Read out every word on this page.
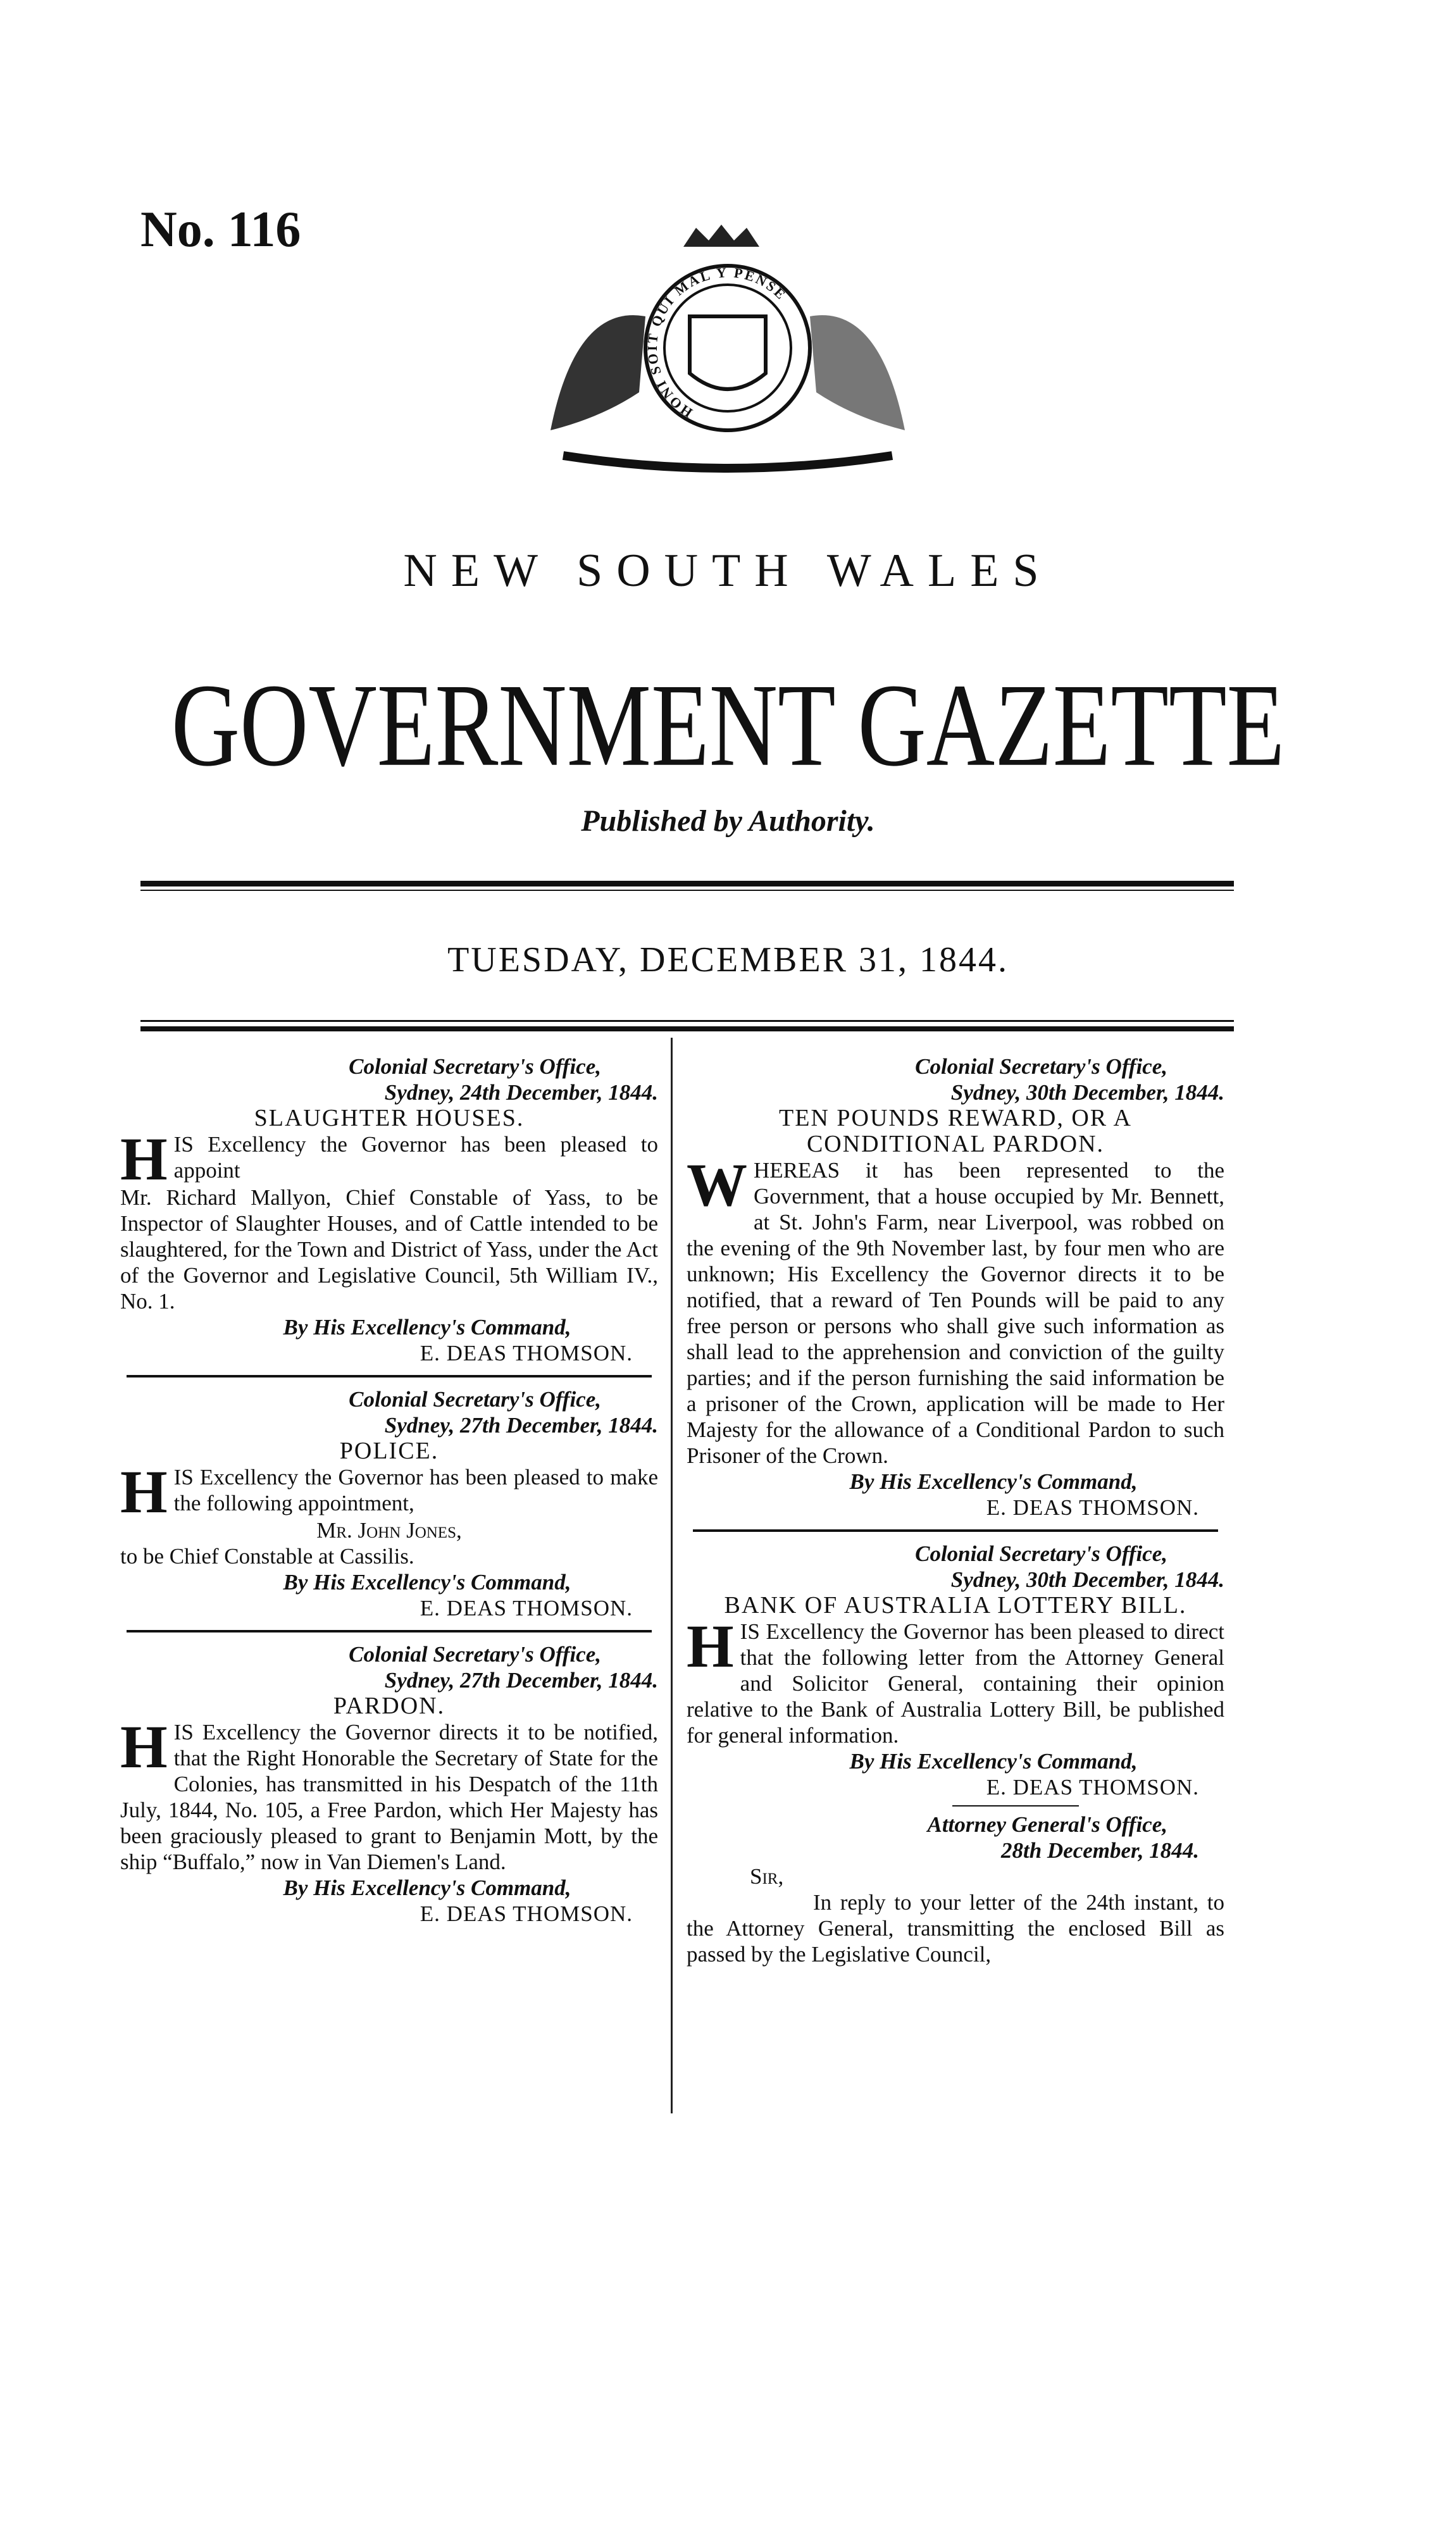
No. 116
HONI SOIT QUI MAL Y PENSE
NEW SOUTH WALES
GOVERNMENT GAZETTE
Published by Authority.
TUESDAY, DECEMBER 31, 1844.
Colonial Secretary's Office,
Sydney, 24th December, 1844.
SLAUGHTER HOUSES.

HIS Excellency the Governor has been pleased to appoint

Mr. Richard Mallyon, Chief Constable of Yass, to be Inspector of Slaughter Houses, and of Cattle intended to be slaughtered, for the Town and District of Yass, under the Act of the Governor and Legislative Council, 5th William IV., No. 1.

By His Excellency's Command,
E. DEAS THOMSON.
Colonial Secretary's Office,
Sydney, 27th December, 1844.
POLICE.

HIS Excellency the Governor has been pleased to make the following appointment,

Mr. John Jones,

to be Chief Constable at Cassilis.

By His Excellency's Command,
E. DEAS THOMSON.
Colonial Secretary's Office,
Sydney, 27th December, 1844.
PARDON.

HIS Excellency the Governor directs it to be notified, that the Right Honorable the Secretary of State for the Colonies, has transmitted in his Despatch of the 11th July, 1844, No. 105, a Free Pardon, which Her Majesty has been graciously pleased to grant to Benjamin Mott, by the ship “Buffalo,” now in Van Diemen's Land.

By His Excellency's Command,
E. DEAS THOMSON.
Colonial Secretary's Office,
Sydney, 30th December, 1844.
TEN POUNDS REWARD, OR A CONDITIONAL PARDON.

WHEREAS it has been represented to the Government, that a house occupied by Mr. Bennett, at St. John's Farm, near Liverpool, was robbed on the evening of the 9th November last, by four men who are unknown; His Excellency the Governor directs it to be notified, that a reward of Ten Pounds will be paid to any free person or persons who shall give such information as shall lead to the apprehension and conviction of the guilty parties; and if the person furnishing the said information be a prisoner of the Crown, application will be made to Her Majesty for the allowance of a Conditional Pardon to such Prisoner of the Crown.

By His Excellency's Command,
E. DEAS THOMSON.
Colonial Secretary's Office,
Sydney, 30th December, 1844.
BANK OF AUSTRALIA LOTTERY BILL.

HIS Excellency the Governor has been pleased to direct that the following letter from the Attorney General and Solicitor General, containing their opinion relative to the Bank of Australia Lottery Bill, be published for general information.

By His Excellency's Command,
E. DEAS THOMSON.
Attorney General's Office,
28th December, 1844.
Sir,

In reply to your letter of the 24th instant, to the Attorney General, transmitting the enclosed Bill as passed by the Legislative Council,
